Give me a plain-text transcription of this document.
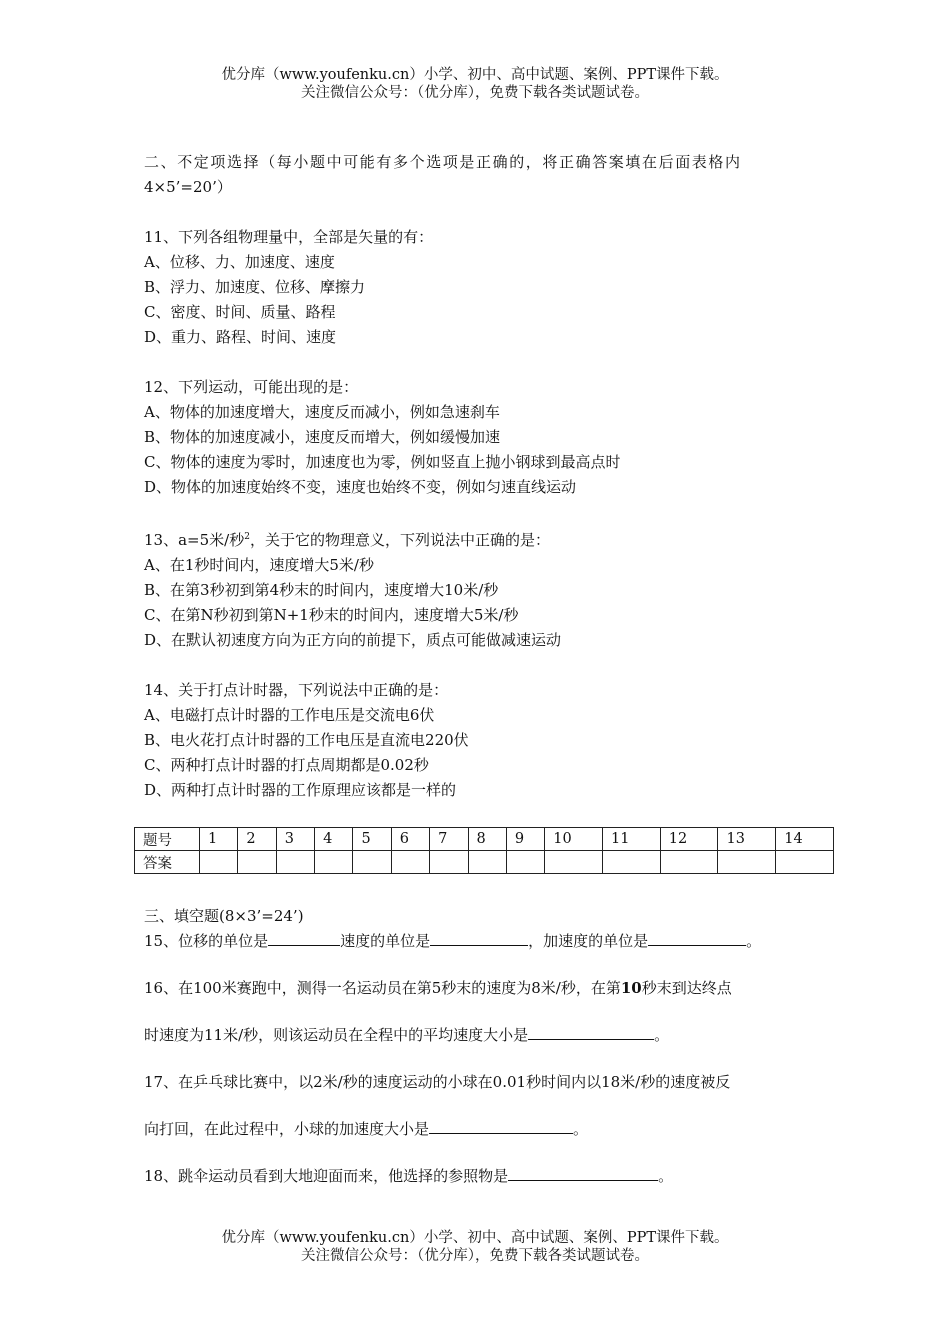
优分库（www.youfenku.cn）小学、初中、高中试题、案例、PPT课件下载。
关注微信公众号：（优分库），免费下载各类试题试卷。
二、不定项选择（每小题中可能有多个选项是正确的，将正确答案填在后面表格内
4×5’=20’）
11、下列各组物理量中，全部是矢量的有：
A、位移、力、加速度、速度
B、浮力、加速度、位移、摩擦力
C、密度、时间、质量、路程
D、重力、路程、时间、速度
12、下列运动，可能出现的是：
A、物体的加速度增大，速度反而减小，例如急速刹车
B、物体的加速度减小，速度反而增大，例如缓慢加速
C、物体的速度为零时，加速度也为零，例如竖直上抛小钢球到最高点时
D、物体的加速度始终不变，速度也始终不变，例如匀速直线运动
13、a=5米/秒$^2$，关于它的物理意义，下列说法中正确的是：
A、在1秒时间内，速度增大5米/秒
B、在第3秒初到第4秒末的时间内，速度增大10米/秒
C、在第N秒初到第N+1秒末的时间内，速度增大5米/秒
D、在默认初速度方向为正方向的前提下，质点可能做减速运动
14、关于打点计时器，下列说法中正确的是：
A、电磁打点计时器的工作电压是交流电6伏
B、电火花打点计时器的工作电压是直流电220伏
C、两种打点计时器的打点周期都是0.02秒
D、两种打点计时器的工作原理应该都是一样的
题号	1	2	3	4	5	6	7	8	9	10	11	12	13	14
答案														
三、填空题(8×3’=24’)
15、位移的单位是	速度的单位是	，加速度的单位是	。
16、在100米赛跑中，测得一名运动员在第5秒末的速度为8米/秒，在第10秒末到达终点
时速度为11米/秒，则该运动员在全程中的平均速度大小是	。
17、在乒乓球比赛中，以2米/秒的速度运动的小球在0.01秒时间内以18米/秒的速度被反
向打回，在此过程中，小球的加速度大小是	。
18、跳伞运动员看到大地迎面而来，他选择的参照物是	。
优分库（www.youfenku.cn）小学、初中、高中试题、案例、PPT课件下载。
关注微信公众号：（优分库），免费下载各类试题试卷。
